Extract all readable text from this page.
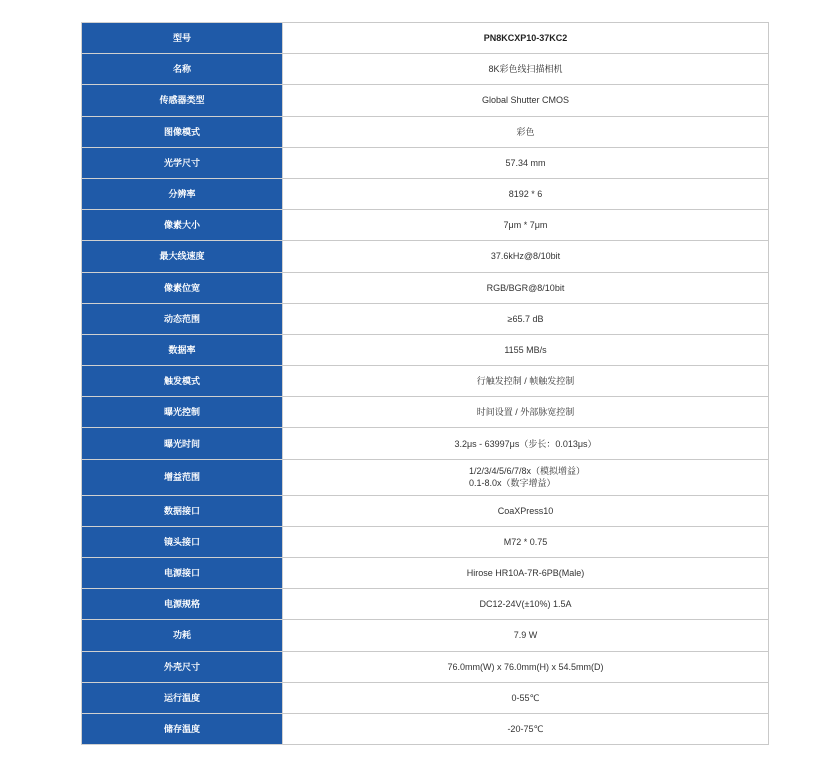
型号	PN8KCXP10-37KC2
名称	8K彩色线扫描相机
传感器类型	Global Shutter CMOS
图像模式	彩色
光学尺寸	57.34 mm
分辨率	8192 * 6
像素大小	7μm * 7μm
最大线速度	37.6kHz@8/10bit
像素位宽	RGB/BGR@8/10bit
动态范围	≥65.7 dB
数据率	1155 MB/s
触发模式	行触发控制 / 帧触发控制
曝光控制	时间设置 / 外部脉宽控制
曝光时间	3.2μs - 63997μs（步长：0.013μs）
增益范围	1/2/3/4/5/6/7/8x（模拟增益）
0.1-8.0x（数字增益）

数据接口	CoaXPress10
镜头接口	M72 * 0.75
电源接口	Hirose HR10A-7R-6PB(Male)
电源规格	DC12-24V(±10%) 1.5A
功耗	7.9 W
外壳尺寸	76.0mm(W) x 76.0mm(H) x 54.5mm(D)
运行温度	0-55℃
储存温度	-20-75℃
